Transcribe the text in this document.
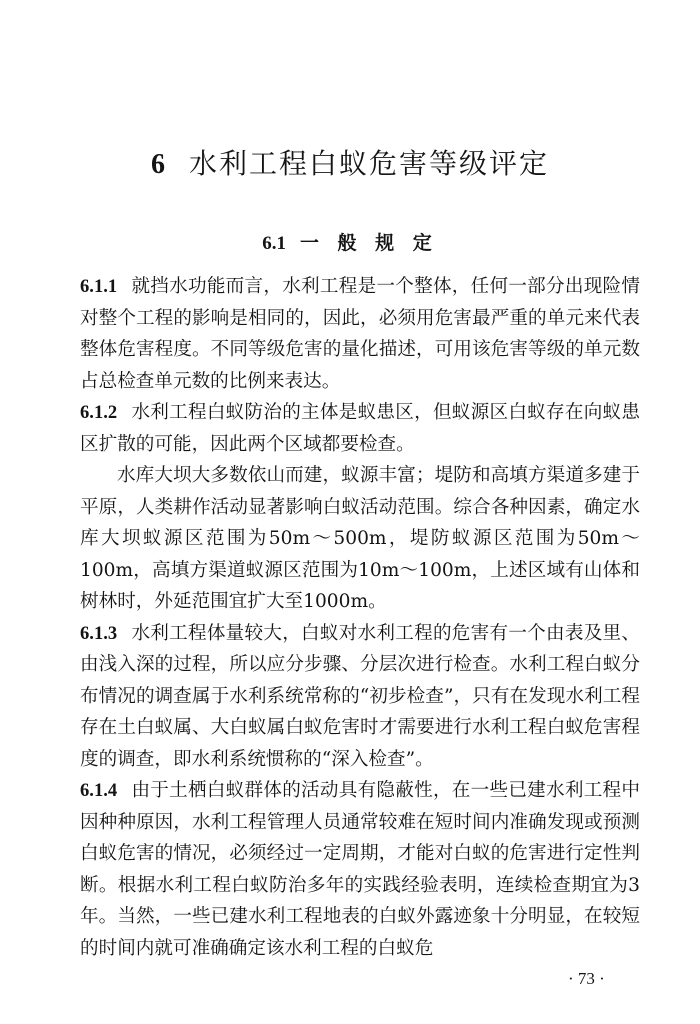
6 水利工程白蚁危害等级评定
6.1 一 般 规 定

6.1.1 就挡水功能而言，水利工程是一个整体，任何一部分出现险情对整个工程的影响是相同的，因此，必须用危害最严重的单元来代表整体危害程度。不同等级危害的量化描述，可用该危害等级的单元数占总检查单元数的比例来表达。

6.1.2 水利工程白蚁防治的主体是蚁患区，但蚁源区白蚁存在向蚁患区扩散的可能，因此两个区域都要检查。

水库大坝大多数依山而建，蚁源丰富；堤防和高填方渠道多建于平原，人类耕作活动显著影响白蚁活动范围。综合各种因素，确定水库大坝蚁源区范围为50m～500m，堤防蚁源区范围为50m～100m，高填方渠道蚁源区范围为10m～100m，上述区域有山体和树林时，外延范围宜扩大至1000m。

6.1.3 水利工程体量较大，白蚁对水利工程的危害有一个由表及里、由浅入深的过程，所以应分步骤、分层次进行检查。水利工程白蚁分布情况的调查属于水利系统常称的“初步检查”，只有在发现水利工程存在土白蚁属、大白蚁属白蚁危害时才需要进行水利工程白蚁危害程度的调查，即水利系统惯称的“深入检查”。

6.1.4 由于土栖白蚁群体的活动具有隐蔽性，在一些已建水利工程中因种种原因，水利工程管理人员通常较难在短时间内准确发现或预测白蚁危害的情况，必须经过一定周期，才能对白蚁的危害进行定性判断。根据水利工程白蚁防治多年的实践经验表明，连续检查期宜为3年。当然，一些已建水利工程地表的白蚁外露迹象十分明显，在较短的时间内就可准确确定该水利工程的白蚁危

· 73 ·
